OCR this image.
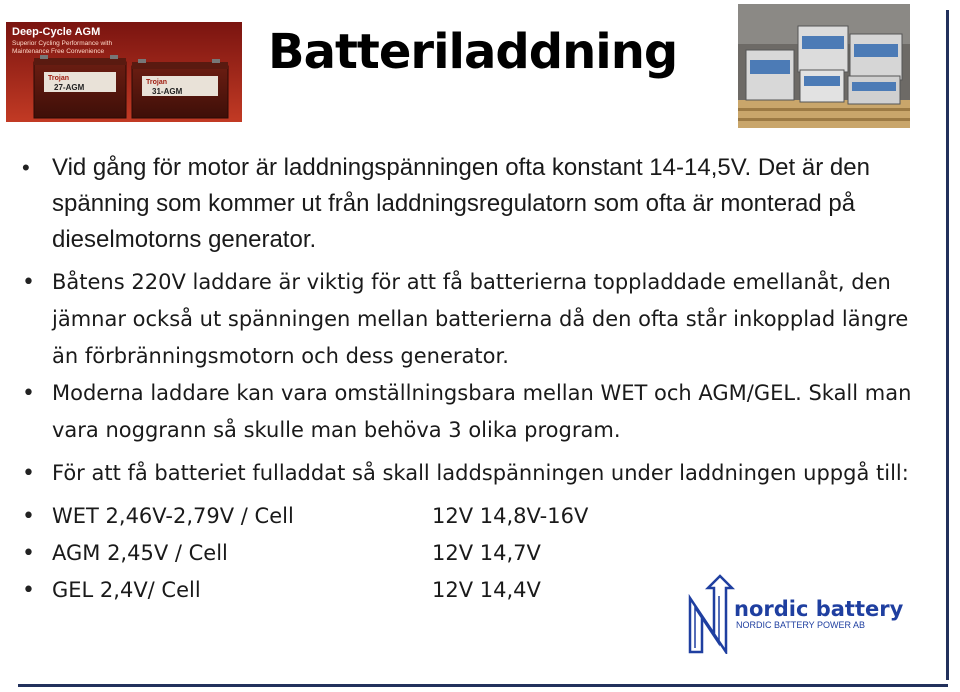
Deep-Cycle AGM
Superior Cycling Performance with
Maintenance Free Convenience
Trojan
27-AGM
Trojan
31-AGM
Batteriladdning
• Vid gång för motor är laddningspänningen ofta konstant 14-14,5V. Det är den spänning som kommer ut från laddningsregulatorn som ofta är monterad på dieselmotorns generator.
• Båtens 220V laddare är viktig för att få batterierna toppladdade emellanåt, den jämnar också ut spänningen mellan batterierna då den ofta står inkopplad längre än förbränningsmotorn och dess generator.
• Moderna laddare kan vara omställningsbara mellan WET och AGM/GEL. Skall man vara noggrann så skulle man behöva 3 olika program.
• För att få batteriet fulladdat så skall laddspänningen under laddningen uppgå till:
• WET 2,46V-2,79V / Cell	12V 14,8V-16V
• AGM 2,45V / Cell	12V 14,7V
• GEL 2,4V/ Cell	12V 14,4V
nordic battery
NORDIC BATTERY POWER AB
